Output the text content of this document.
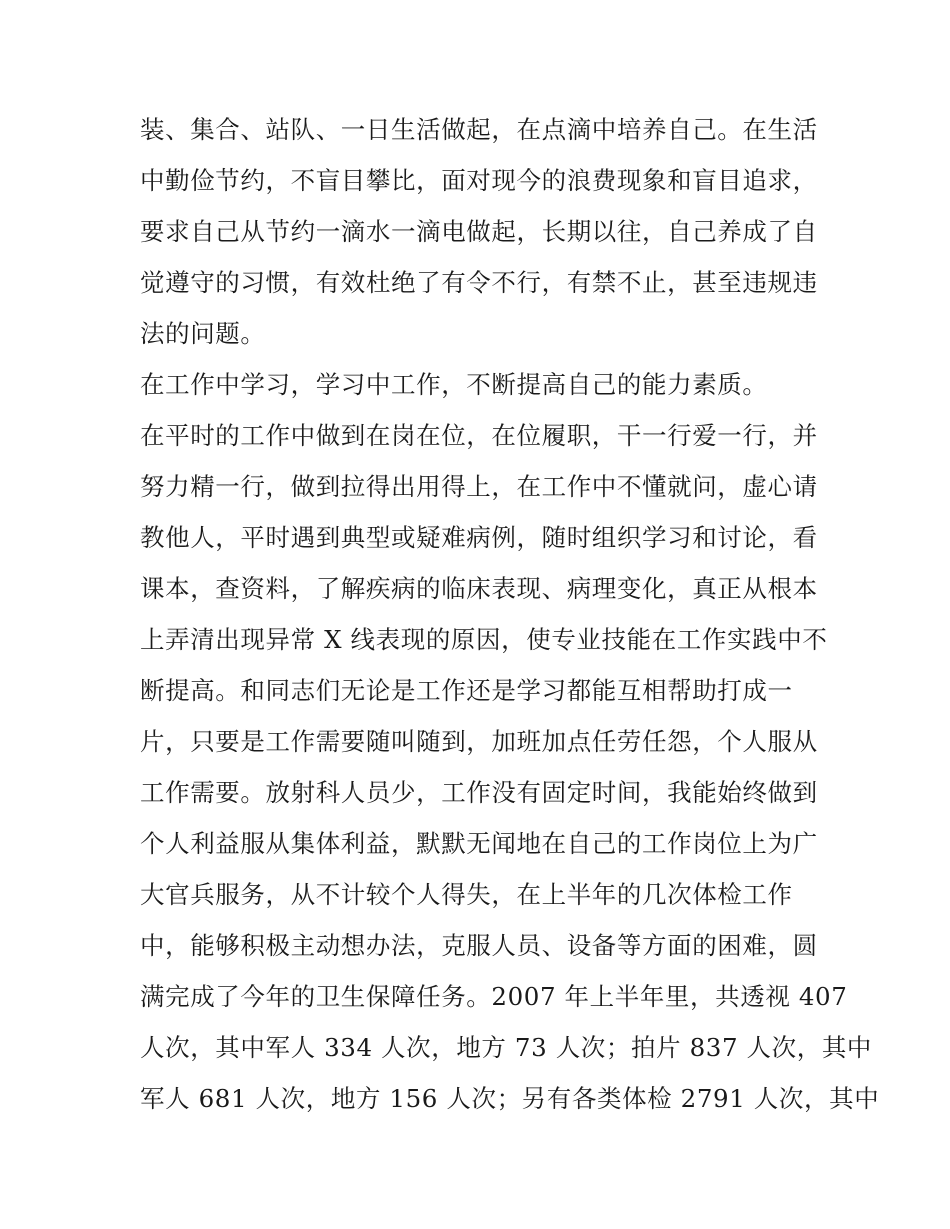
装、集合、站队、一日生活做起，在点滴中培养自己。在生活
中勤俭节约，不盲目攀比，面对现今的浪费现象和盲目追求，
要求自己从节约一滴水一滴电做起，长期以往，自己养成了自
觉遵守的习惯，有效杜绝了有令不行，有禁不止，甚至违规违
法的问题。
在工作中学习，学习中工作，不断提高自己的能力素质。
在平时的工作中做到在岗在位，在位履职，干一行爱一行，并
努力精一行，做到拉得出用得上，在工作中不懂就问，虚心请
教他人，平时遇到典型或疑难病例，随时组织学习和讨论，看
课本，查资料，了解疾病的临床表现、病理变化，真正从根本
上弄清出现异常 X 线表现的原因，使专业技能在工作实践中不
断提高。和同志们无论是工作还是学习都能互相帮助打成一
片，只要是工作需要随叫随到，加班加点任劳任怨，个人服从
工作需要。放射科人员少，工作没有固定时间，我能始终做到
个人利益服从集体利益，默默无闻地在自己的工作岗位上为广
大官兵服务，从不计较个人得失，在上半年的几次体检工作
中，能够积极主动想办法，克服人员、设备等方面的困难，圆
满完成了今年的卫生保障任务。2007 年上半年里，共透视 407
人次，其中军人 334 人次，地方 73 人次；拍片 837 人次，其中
军人 681 人次，地方 156 人次；另有各类体检 2791 人次，其中
